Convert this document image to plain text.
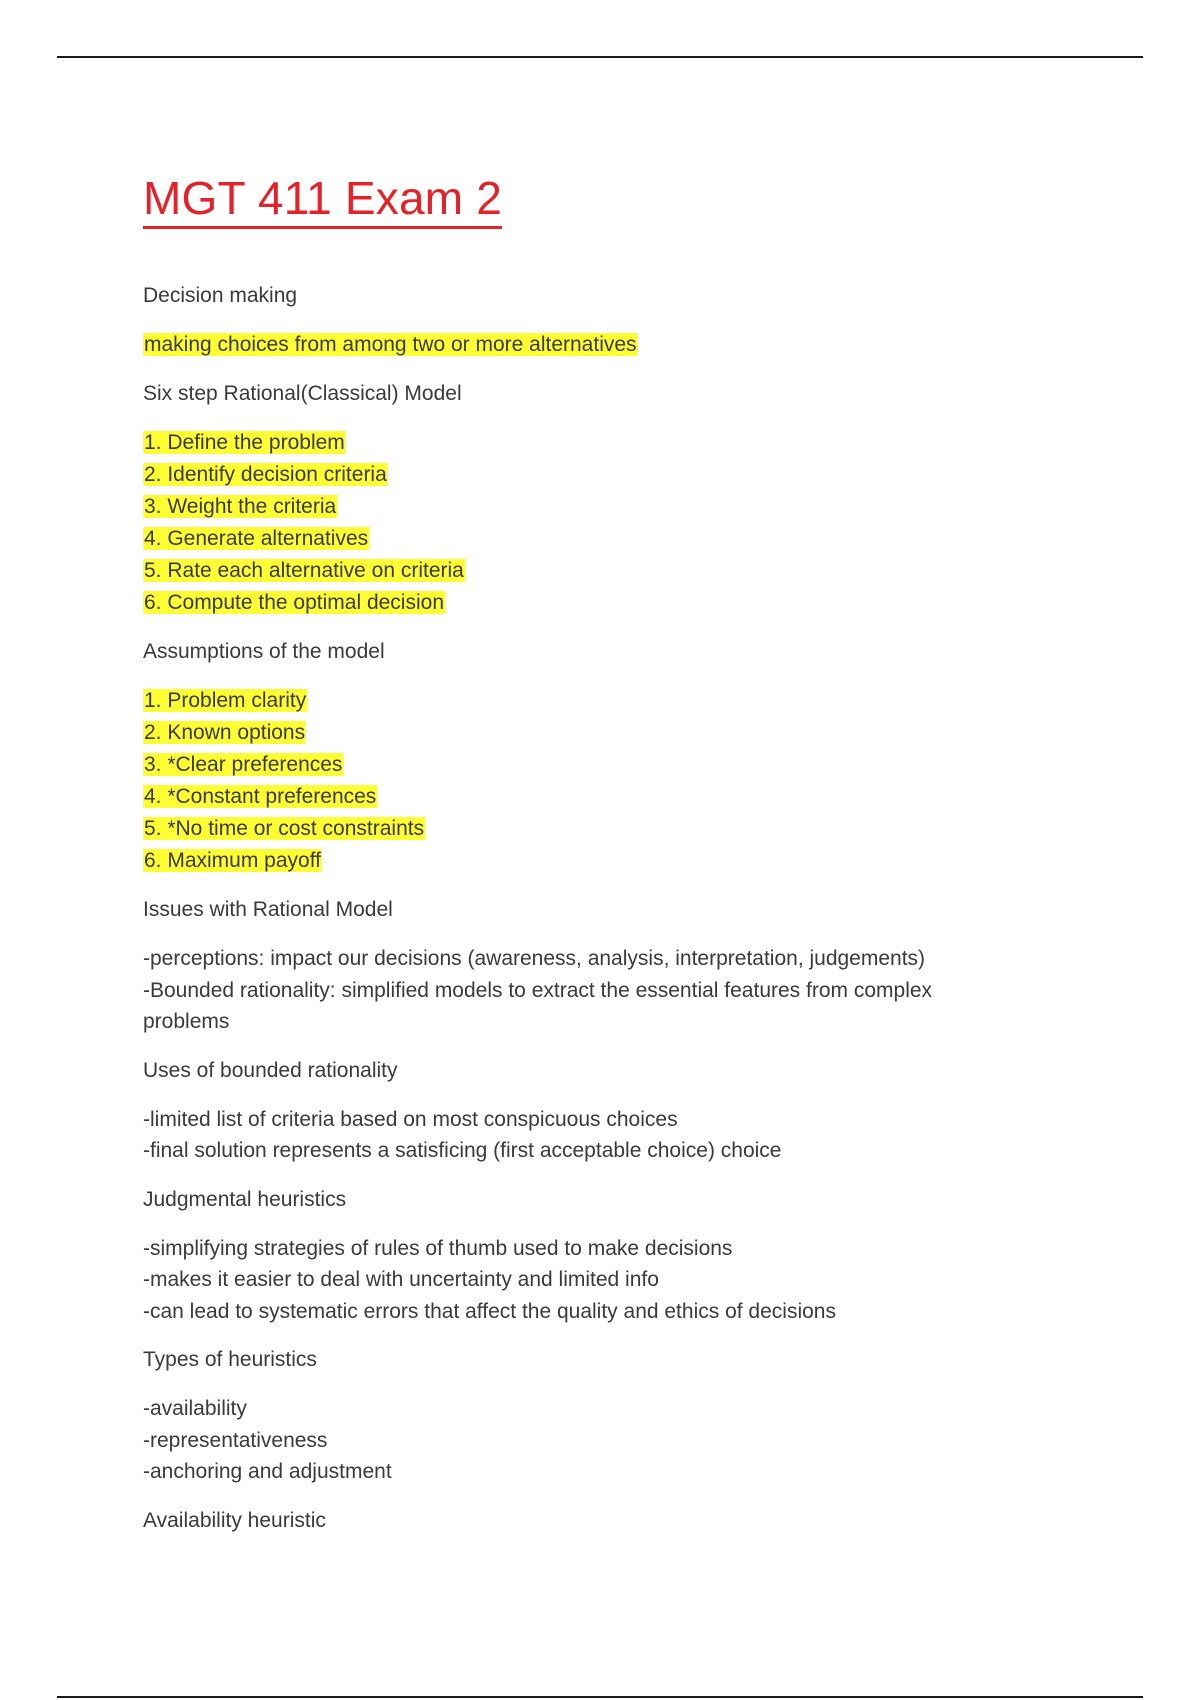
MGT 411 Exam 2
Decision making
making choices from among two or more alternatives
Six step Rational(Classical) Model
1. Define the problem
2. Identify decision criteria
3. Weight the criteria
4. Generate alternatives
5. Rate each alternative on criteria
6. Compute the optimal decision
Assumptions of the model
1. Problem clarity
2. Known options
3. *Clear preferences
4. *Constant preferences
5. *No time or cost constraints
6. Maximum payoff
Issues with Rational Model
-perceptions: impact our decisions (awareness, analysis, interpretation, judgements)
-Bounded rationality: simplified models to extract the essential features from complex
problems
Uses of bounded rationality
-limited list of criteria based on most conspicuous choices
-final solution represents a satisficing (first acceptable choice) choice
Judgmental heuristics
-simplifying strategies of rules of thumb used to make decisions
-makes it easier to deal with uncertainty and limited info
-can lead to systematic errors that affect the quality and ethics of decisions
Types of heuristics
-availability
-representativeness
-anchoring and adjustment
Availability heuristic
